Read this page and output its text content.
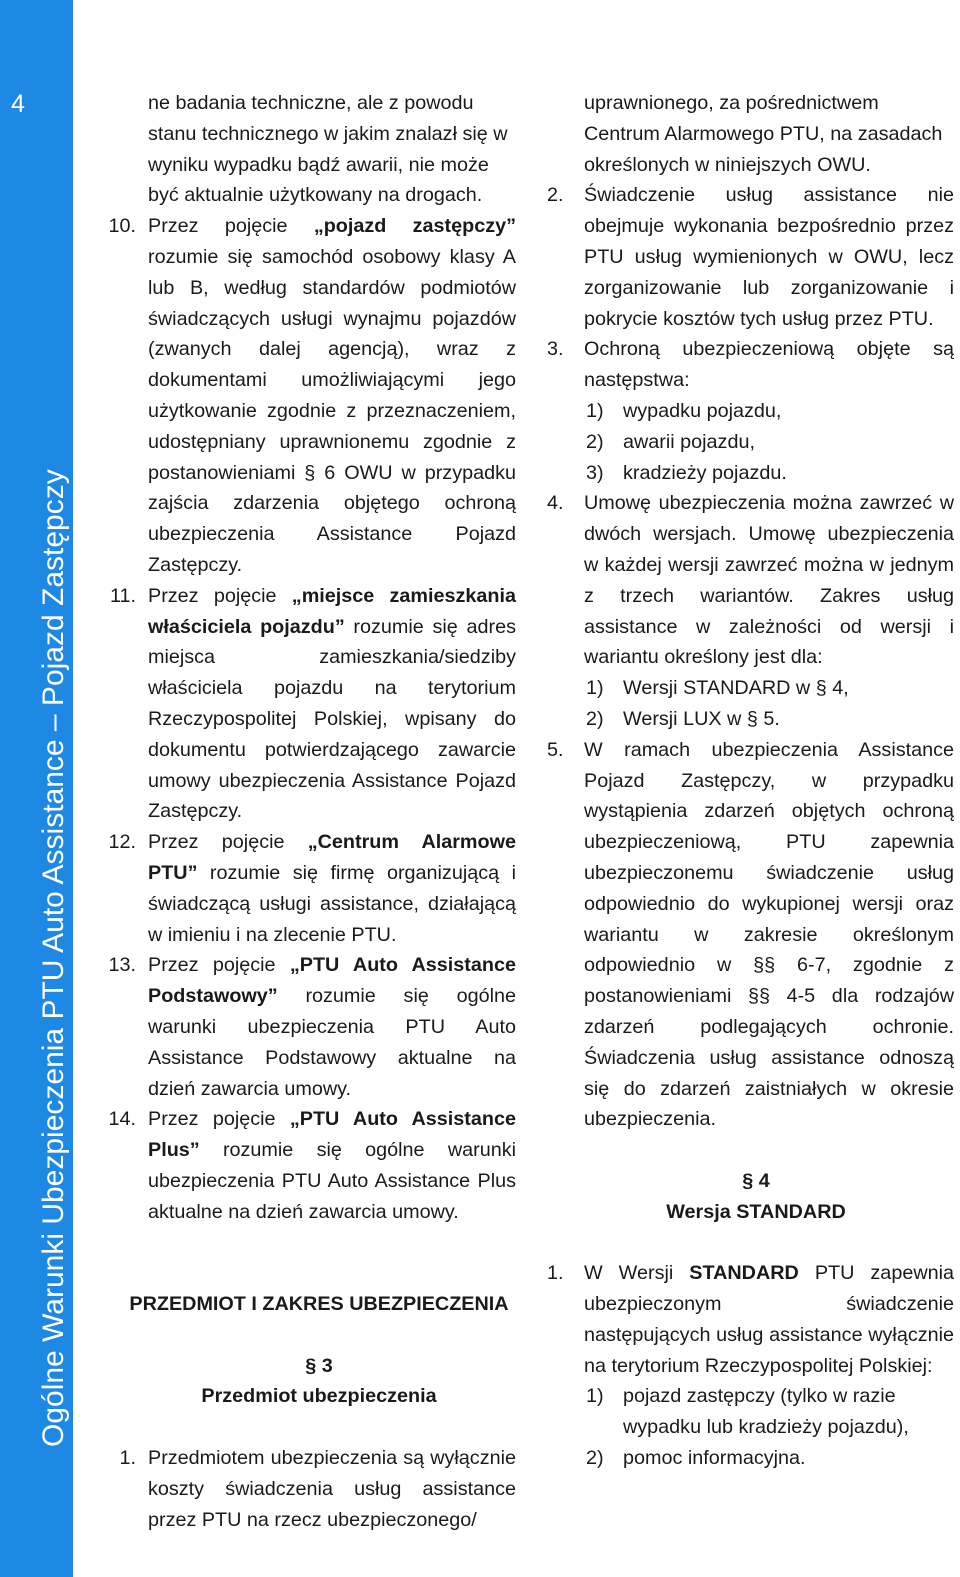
4
Ogólne Warunki Ubezpieczenia PTU Auto Assistance – Pojazd Zastępczy
ne badania techniczne, ale z powodu stanu technicznego w jakim znalazł się w wyniku wypadku bądź awarii, nie może być aktualnie użytkowany na drogach.
10. Przez pojęcie „pojazd zastępczy” rozumie się samochód osobowy klasy A lub B, według standardów podmiotów świadczących usługi wynajmu pojazdów (zwanych dalej agencją), wraz z dokumentami umożliwiającymi jego użytkowanie zgodnie z przeznaczeniem, udostępniany uprawnionemu zgodnie z postanowieniami § 6 OWU w przypadku zajścia zdarzenia objętego ochroną ubezpieczenia Assistance Pojazd Zastępczy.
11. Przez pojęcie „miejsce zamieszkania właściciela pojazdu” rozumie się adres miejsca zamieszkania/siedziby właściciela pojazdu na terytorium Rzeczypospolitej Polskiej, wpisany do dokumentu potwierdzającego zawarcie umowy ubezpieczenia Assistance Pojazd Zastępczy.
12. Przez pojęcie „Centrum Alarmowe PTU” rozumie się firmę organizującą i świadczącą usługi assistance, działającą w imieniu i na zlecenie PTU.
13. Przez pojęcie „PTU Auto Assistance Podstawowy” rozumie się ogólne warunki ubezpieczenia PTU Auto Assistance Podstawowy aktualne na dzień zawarcia umowy.
14. Przez pojęcie „PTU Auto Assistance Plus” rozumie się ogólne warunki ubezpieczenia PTU Auto Assistance Plus aktualne na dzień zawarcia umowy.
PRZEDMIOT I ZAKRES UBEZPIECZENIA
§ 3
Przedmiot ubezpieczenia
1. Przedmiotem ubezpieczenia są wyłącznie koszty świadczenia usług assistance przez PTU na rzecz ubezpieczonego/
uprawnionego, za pośrednictwem Centrum Alarmowego PTU, na zasadach określonych w niniejszych OWU.
2. Świadczenie usług assistance nie obejmuje wykonania bezpośrednio przez PTU usług wymienionych w OWU, lecz zorganizowanie lub zorganizowanie i pokrycie kosztów tych usług przez PTU.
3. Ochroną ubezpieczeniową objęte są następstwa:
1) wypadku pojazdu,
2) awarii pojazdu,
3) kradzieży pojazdu.
4. Umowę ubezpieczenia można zawrzeć w dwóch wersjach. Umowę ubezpieczenia w każdej wersji zawrzeć można w jednym z trzech wariantów. Zakres usług assistance w zależności od wersji i wariantu określony jest dla:
1) Wersji STANDARD w § 4,
2) Wersji LUX w § 5.
5. W ramach ubezpieczenia Assistance Pojazd Zastępczy, w przypadku wystąpienia zdarzeń objętych ochroną ubezpieczeniową, PTU zapewnia ubezpieczonemu świadczenie usług odpowiednio do wykupionej wersji oraz wariantu w zakresie określonym odpowiednio w §§ 6-7, zgodnie z postanowieniami §§ 4-5 dla rodzajów zdarzeń podlegających ochronie. Świadczenia usług assistance odnoszą się do zdarzeń zaistniałych w okresie ubezpieczenia.
§ 4
Wersja STANDARD
1. W Wersji STANDARD PTU zapewnia ubezpieczonym świadczenie następujących usług assistance wyłącznie na terytorium Rzeczypospolitej Polskiej:
1) pojazd zastępczy (tylko w razie wypadku lub kradzieży pojazdu),
2) pomoc informacyjna.
